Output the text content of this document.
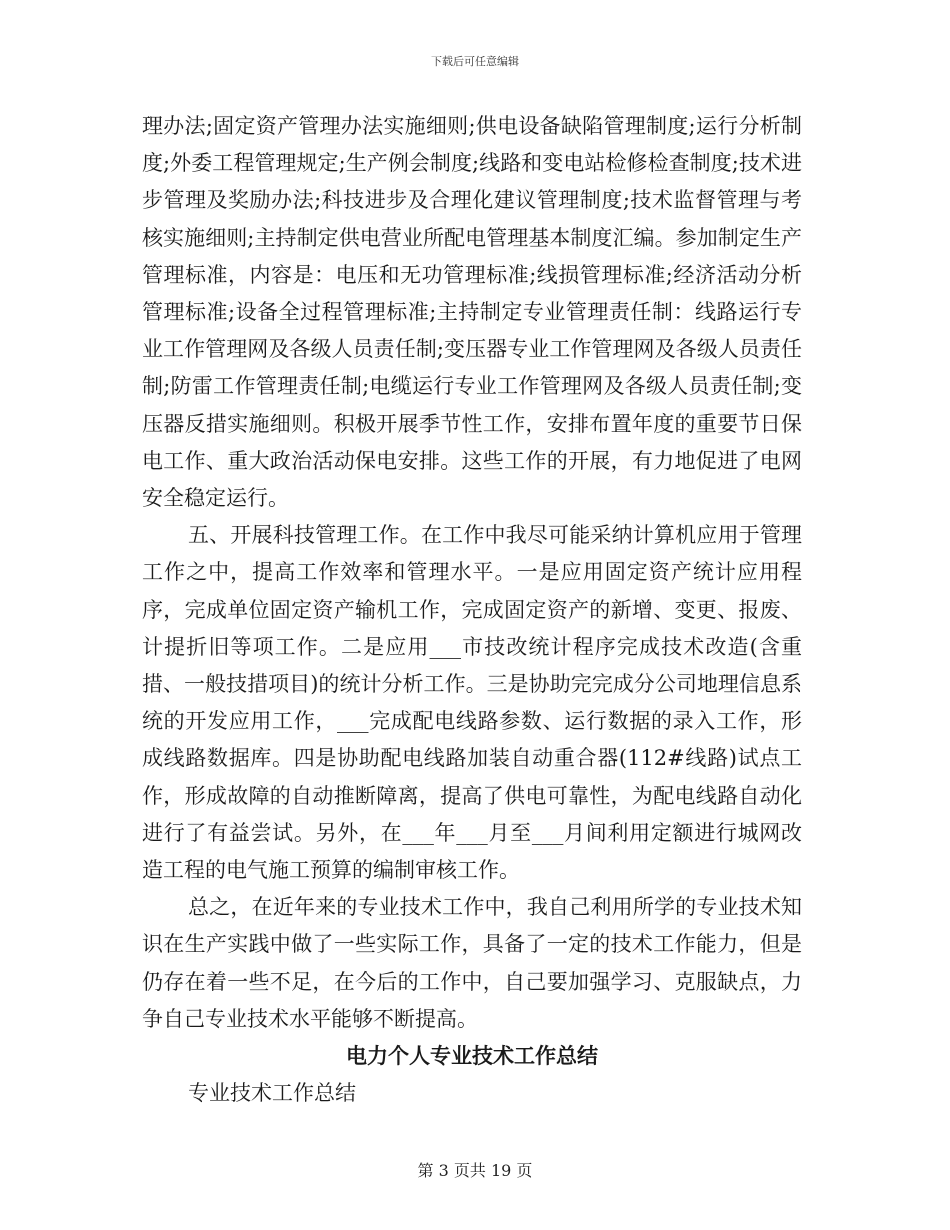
下载后可任意编辑

理办法;固定资产管理办法实施细则;供电设备缺陷管理制度;运行分析制度;外委工程管理规定;生产例会制度;线路和变电站检修检查制度;技术进步管理及奖励办法;科技进步及合理化建议管理制度;技术监督管理与考核实施细则;主持制定供电营业所配电管理基本制度汇编。参加制定生产管理标准，内容是：电压和无功管理标准;线损管理标准;经济活动分析管理标准;设备全过程管理标准;主持制定专业管理责任制：线路运行专业工作管理网及各级人员责任制;变压器专业工作管理网及各级人员责任制;防雷工作管理责任制;电缆运行专业工作管理网及各级人员责任制;变压器反措实施细则。积极开展季节性工作，安排布置年度的重要节日保电工作、重大政治活动保电安排。这些工作的开展，有力地促进了电网安全稳定运行。

五、开展科技管理工作。在工作中我尽可能采纳计算机应用于管理工作之中，提高工作效率和管理水平。一是应用固定资产统计应用程序，完成单位固定资产输机工作，完成固定资产的新增、变更、报废、计提折旧等项工作。二是应用___市技改统计程序完成技术改造(含重措、一般技措项目)的统计分析工作。三是协助完完成分公司地理信息系统的开发应用工作，___完成配电线路参数、运行数据的录入工作，形成线路数据库。四是协助配电线路加装自动重合器(112#线路)试点工作，形成故障的自动推断障离，提高了供电可靠性，为配电线路自动化进行了有益尝试。另外，在___年___月至___月间利用定额进行城网改造工程的电气施工预算的编制审核工作。

总之，在近年来的专业技术工作中，我自己利用所学的专业技术知识在生产实践中做了一些实际工作，具备了一定的技术工作能力，但是仍存在着一些不足，在今后的工作中，自己要加强学习、克服缺点，力争自己专业技术水平能够不断提高。

电力个人专业技术工作总结

专业技术工作总结

第 3 页共 19 页
